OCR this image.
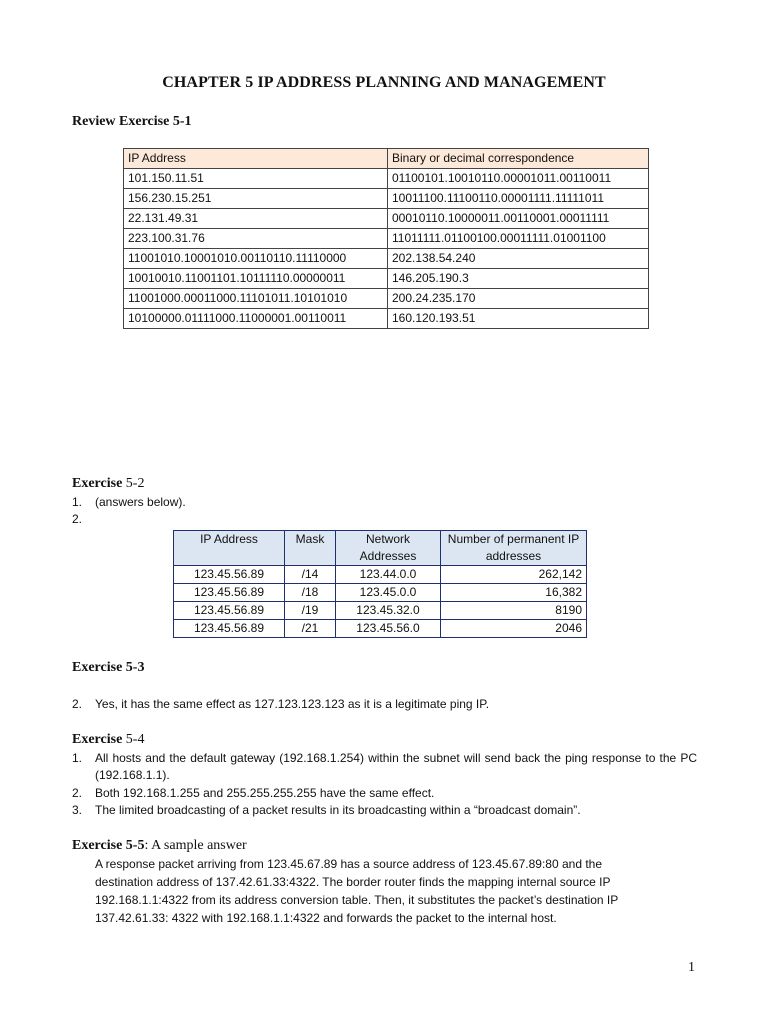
CHAPTER 5 IP ADDRESS PLANNING AND MANAGEMENT
Review Exercise 5-1
IP Address	Binary or decimal correspondence
101.150.11.51	01100101.10010110.00001011.00110011
156.230.15.251	10011100.11100110.00001111.11111011
22.131.49.31	00010110.10000011.00110001.00011111
223.100.31.76	11011111.01100100.00011111.01001100
11001010.10001010.00110110.11110000	202.138.54.240
10010010.11001101.10111110.00000011	146.205.190.3
11001000.00011000.11101011.10101010	200.24.235.170
10100000.01111000.11000001.00110011	160.120.193.51
Exercise 5-2
1. (answers below).
2.
IP Address	Mask	Network Addresses	Number of permanent IP addresses
123.45.56.89	/14	123.44.0.0	262,142
123.45.56.89	/18	123.45.0.0	16,382
123.45.56.89	/19	123.45.32.0	8190
123.45.56.89	/21	123.45.56.0	2046
Exercise 5-3
2. Yes, it has the same effect as 127.123.123.123 as it is a legitimate ping IP.
Exercise 5-4
1. All hosts and the default gateway (192.168.1.254) within the subnet will send back the ping response to the PC (192.168.1.1).
2. Both 192.168.1.255 and 255.255.255.255 have the same effect.
3. The limited broadcasting of a packet results in its broadcasting within a “broadcast domain”.
Exercise 5-5: A sample answer
A response packet arriving from 123.45.67.89 has a source address of 123.45.67.89:80 and the
destination address of 137.42.61.33:4322. The border router finds the mapping internal source IP
192.168.1.1:4322 from its address conversion table. Then, it substitutes the packet’s destination IP
137.42.61.33: 4322 with 192.168.1.1:4322 and forwards the packet to the internal host.
1
